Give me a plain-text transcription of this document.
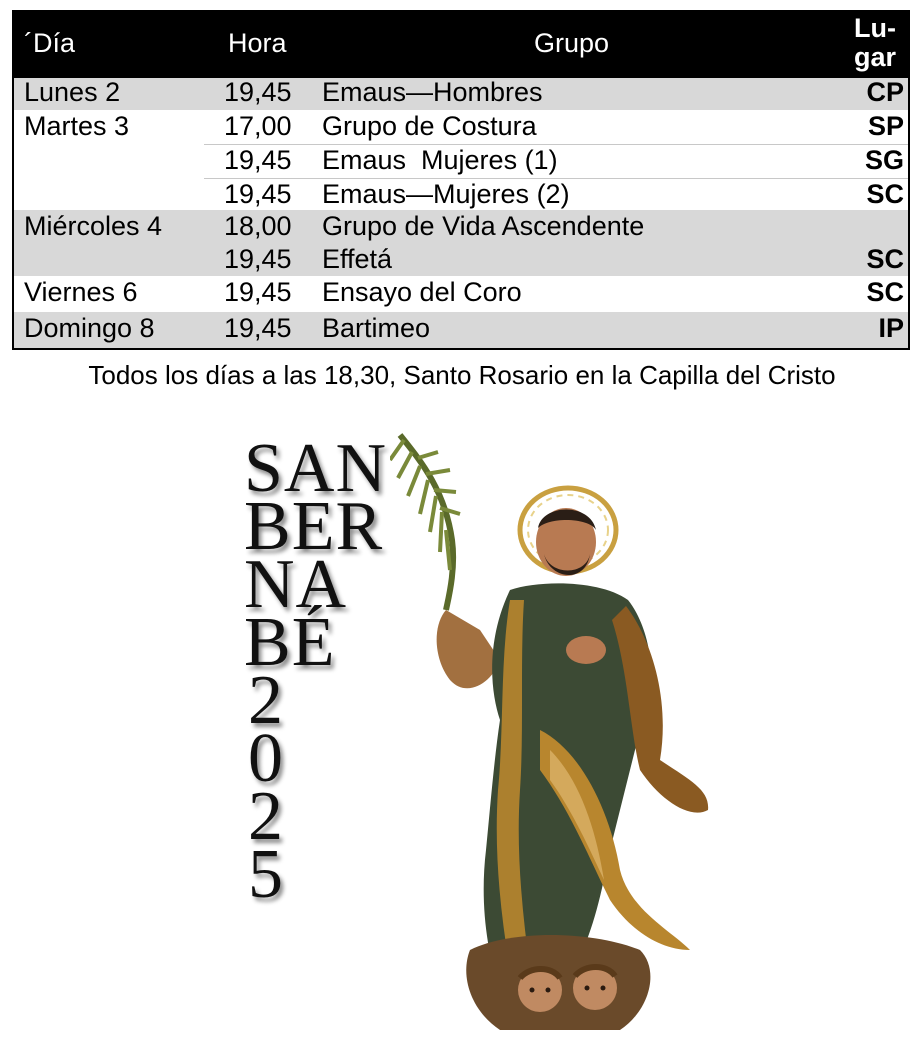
´Día	Hora	Grupo	Lu-
gar
Lunes 2	19,45 Emaus—Hombres	CP
Martes 3	17,00 Grupo de Costura	SP
19,45 Emaus  Mujeres (1)	SG
19,45 Emaus—Mujeres (2)	SC
Miércoles 4 18,00 Grupo de Vida Ascendente
19,45 Effetá	SC
Viernes 6	19,45 Ensayo del Coro	SC
Domingo 8	19,45 Bartimeo	IP
Todos los días a las 18,30, Santo Rosario en la Capilla del Cristo
SAN
BER
NA
BÉ
2
0
2
5
